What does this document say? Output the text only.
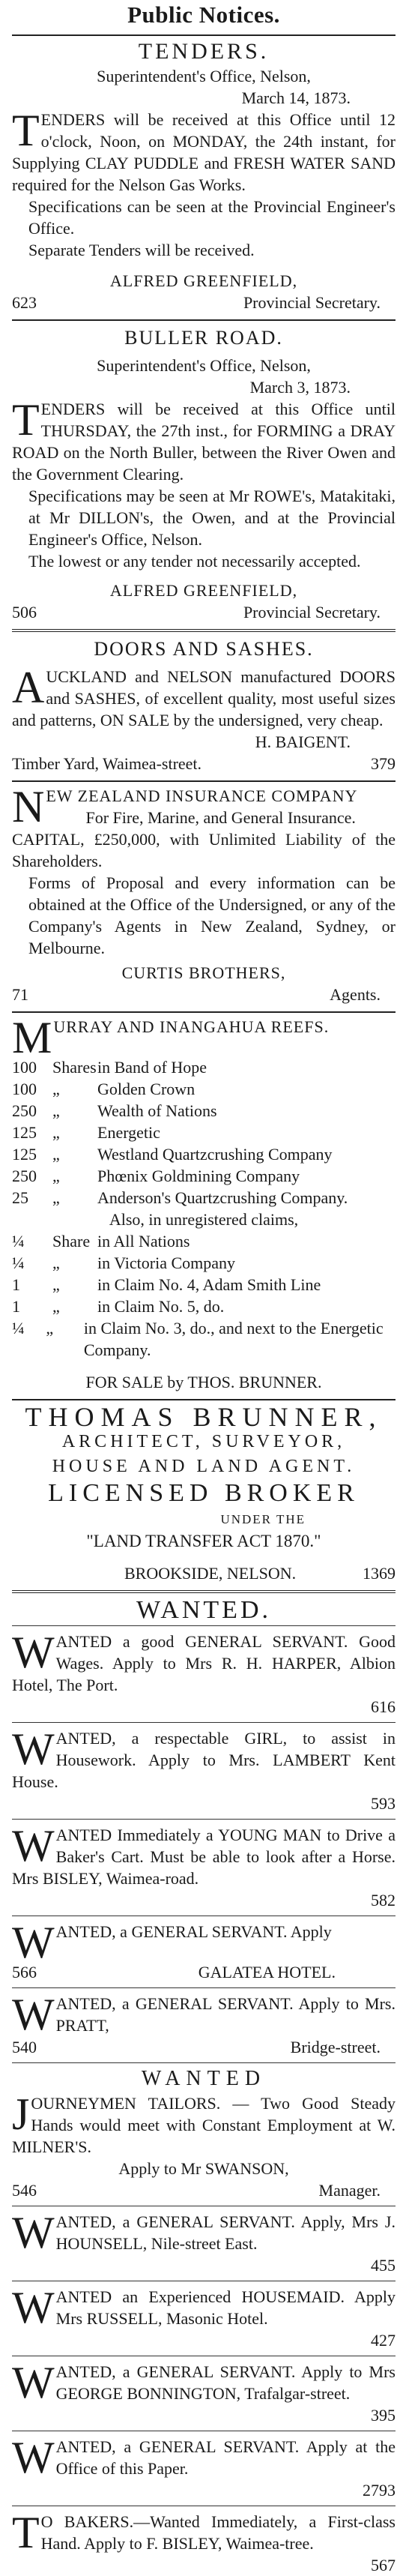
Public Notices.
TENDERS.
Superintendent's Office, Nelson,
March 14, 1873.

TENDERS will be received at this Office until 12 o'clock, Noon, on MONDAY, the 24th instant, for Supplying CLAY PUDDLE and FRESH WATER SAND required for the Nelson Gas Works.

Specifications can be seen at the Provincial Engineer's Office.

Separate Tenders will be received.

ALFRED GREENFIELD,
623	Provincial Secretary.
BULLER ROAD.
Superintendent's Office, Nelson,
March 3, 1873.

TENDERS will be received at this Office until THURSDAY, the 27th inst., for FORMING a DRAY ROAD on the North Buller, between the River Owen and the Government Clearing.

Specifications may be seen at Mr ROWE's, Matakitaki, at Mr DILLON's, the Owen, and at the Provincial Engineer's Office, Nelson.

The lowest or any tender not necessarily accepted.

ALFRED GREENFIELD,
506	Provincial Secretary.
DOORS AND SASHES.

AUCKLAND and NELSON manufactured DOORS and SASHES, of excellent quality, most useful sizes and patterns, ON SALE by the undersigned, very cheap.

H. BAIGENT.
Timber Yard, Waimea-street.	379

NEW ZEALAND INSURANCE COMPANY

For Fire, Marine, and General Insurance.

CAPITAL, £250,000, with Unlimited Liability of the Shareholders.

Forms of Proposal and every information can be obtained at the Office of the Undersigned, or any of the Company's Agents in New Zealand, Sydney, or Melbourne.

CURTIS BROTHERS,
71	Agents.

MURRAY AND INANGAHUA REEFS.

100 Shares in Band of Hope
100 „	Golden Crown
250 „	Wealth of Nations
125 „	Energetic
125 „	Westland Quartzcrushing Company
250 „	Phœnix Goldmining Company
25	„	Anderson's Quartzcrushing Company.
Also, in unregistered claims,
¼	Share in All Nations
¼	„	in Victoria Company
1	„	in Claim No. 4, Adam Smith Line
1	„	in Claim No. 5, do.
¼	„	in Claim No. 3, do., and next to the Energetic Company.
FOR SALE by THOS. BRUNNER.
THOMAS BRUNNER,
ARCHITECT, SURVEYOR,
HOUSE AND LAND AGENT.
LICENSED BROKER
UNDER THE
"LAND TRANSFER ACT 1870."
BROOKSIDE, NELSON.	1369
WANTED.

WANTED a good GENERAL SERVANT. Good Wages. Apply to Mrs R. H. HARPER, Albion Hotel, The Port.

616

WANTED, a respectable GIRL, to assist in Housework. Apply to Mrs. LAMBERT Kent House.

593

WANTED Immediately a YOUNG MAN to Drive a Baker's Cart. Must be able to look after a Horse. Mrs BISLEY, Waimea-road.

582

WANTED, a GENERAL SERVANT. Apply

566	GALATEA HOTEL.

WANTED, a GENERAL SERVANT. Apply to Mrs. PRATT,

540	Bridge-street.
WANTED

JOURNEYMEN TAILORS. — Two Good Steady Hands would meet with Constant Employment at W. MILNER'S.

Apply to Mr SWANSON,
546	Manager.

WANTED, a GENERAL SERVANT. Apply, Mrs J. HOUNSELL, Nile-street East.

455

WANTED an Experienced HOUSEMAID. Apply Mrs RUSSELL, Masonic Hotel.

427

WANTED, a GENERAL SERVANT. Apply to Mrs GEORGE BONNINGTON, Trafalgar-street.

395

WANTED, a GENERAL SERVANT. Apply at the Office of this Paper.

2793

T O BAKERS.—Wanted Immediately, a First-class Hand. Apply to F. BISLEY, Waimea-tree.

567
